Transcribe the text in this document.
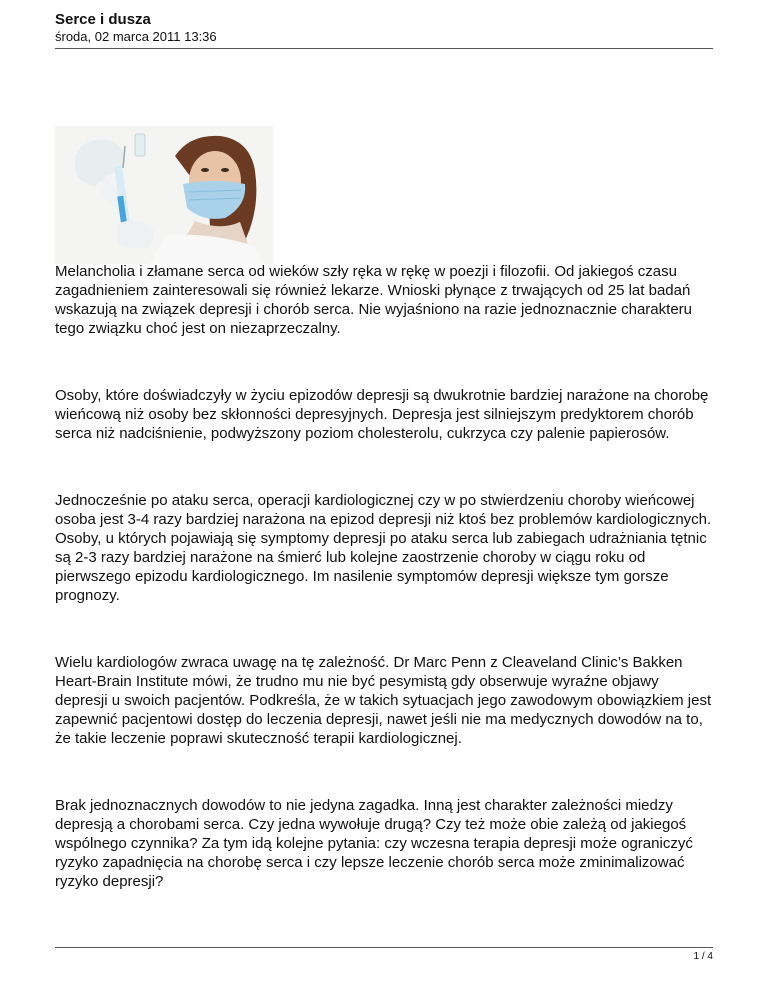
Serce i dusza
środa, 02 marca 2011 13:36

Melancholia i złamane serca od wieków szły ręka w rękę w poezji i filozofii. Od jakiegoś czasu zagadnieniem zainteresowali się również lekarze. Wnioski płynące z trwających od 25 lat badań wskazują na związek depresji i chorób serca. Nie wyjaśniono na razie jednoznacznie charakteru tego związku choć jest on niezaprzeczalny.

Osoby, które doświadczyły w życiu epizodów depresji są dwukrotnie bardziej narażone na chorobę wieńcową niż osoby bez skłonności depresyjnych. Depresja jest silniejszym predyktorem chorób serca niż nadciśnienie, podwyższony poziom cholesterolu, cukrzyca czy palenie papierosów.

Jednocześnie po ataku serca, operacji kardiologicznej czy w po stwierdzeniu choroby wieńcowej osoba jest 3-4 razy bardziej narażona na epizod depresji niż ktoś bez problemów kardiologicznych. Osoby, u których pojawiają się symptomy depresji po ataku serca lub zabiegach udrażniania tętnic są 2-3 razy bardziej narażone na śmierć lub kolejne zaostrzenie choroby w ciągu roku od pierwszego epizodu kardiologicznego. Im nasilenie symptomów depresji większe tym gorsze prognozy.

Wielu kardiologów zwraca uwagę na tę zależność. Dr Marc Penn z Cleaveland Clinic’s Bakken Heart-Brain Institute mówi, że trudno mu nie być pesymistą gdy obserwuje wyraźne objawy depresji u swoich pacjentów. Podkreśla, że w takich sytuacjach jego zawodowym obowiązkiem jest zapewnić pacjentowi dostęp do leczenia depresji, nawet jeśli nie ma medycznych dowodów na to, że takie leczenie poprawi skuteczność terapii kardiologicznej.

Brak jednoznacznych dowodów to nie jedyna zagadka. Inną jest charakter zależności miedzy depresją a chorobami serca. Czy jedna wywołuje drugą? Czy też może obie zależą od jakiegoś wspólnego czynnika? Za tym idą kolejne pytania: czy wczesna terapia depresji może ograniczyć ryzyko zapadnięcia na chorobę serca i czy lepsze leczenie chorób serca może zminimalizować ryzyko depresji?

1 / 4
